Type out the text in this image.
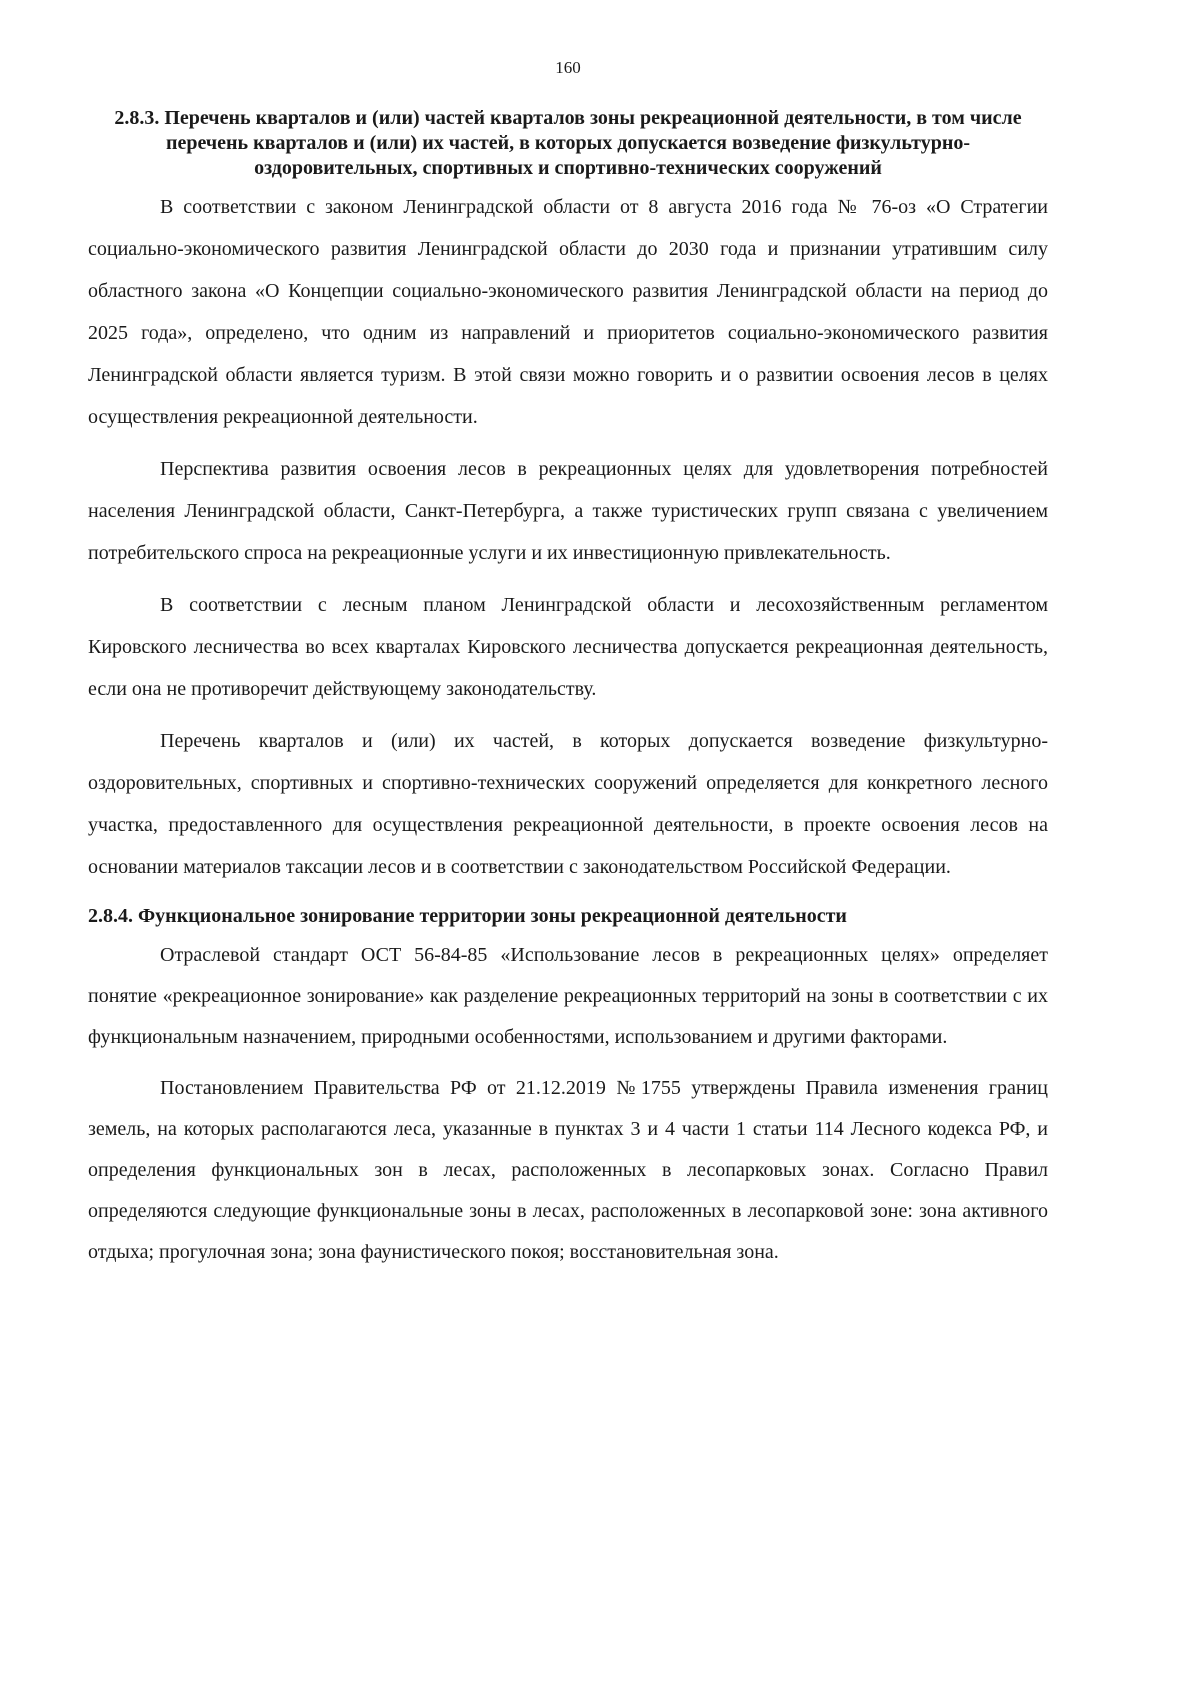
160
2.8.3. Перечень кварталов и (или) частей кварталов зоны рекреационной деятельности, в том числе перечень кварталов и (или) их частей, в которых допускается возведение физкультурно-оздоровительных, спортивных и спортивно-технических сооружений

В соответствии с законом Ленинградской области от 8 августа 2016 года № 76-оз «О Стратегии социально-экономического развития Ленинградской области до 2030 года и признании утратившим силу областного закона «О Концепции социально-экономического развития Ленинградской области на период до 2025 года», определено, что одним из направлений и приоритетов социально-экономического развития Ленинградской области является туризм. В этой связи можно говорить и о развитии освоения лесов в целях осуществления рекреационной деятельности.

Перспектива развития освоения лесов в рекреационных целях для удовлетворения потребностей населения Ленинградской области, Санкт-Петербурга, а также туристических групп связана с увеличением потребительского спроса на рекреационные услуги и их инвестиционную привлекательность.

В соответствии с лесным планом Ленинградской области и лесохозяйственным регламентом Кировского лесничества во всех кварталах Кировского лесничества допускается рекреационная деятельность, если она не противоречит действующему законодательству.

Перечень кварталов и (или) их частей, в которых допускается возведение физкультурно-оздоровительных, спортивных и спортивно-технических сооружений определяется для конкретного лесного участка, предоставленного для осуществления рекреационной деятельности, в проекте освоения лесов на основании материалов таксации лесов и в соответствии с законодательством Российской Федерации.

2.8.4. Функциональное зонирование территории зоны рекреационной деятельности

Отраслевой стандарт ОСТ 56-84-85 «Использование лесов в рекреационных целях» определяет понятие «рекреационное зонирование» как разделение рекреационных территорий на зоны в соответствии с их функциональным назначением, природными особенностями, использованием и другими факторами.

Постановлением Правительства РФ от 21.12.2019 №1755 утверждены Правила изменения границ земель, на которых располагаются леса, указанные в пунктах 3 и 4 части 1 статьи 114 Лесного кодекса РФ, и определения функциональных зон в лесах, расположенных в лесопарковых зонах. Согласно Правил определяются следующие функциональные зоны в лесах, расположенных в лесопарковой зоне: зона активного отдыха; прогулочная зона; зона фаунистического покоя; восстановительная зона.
